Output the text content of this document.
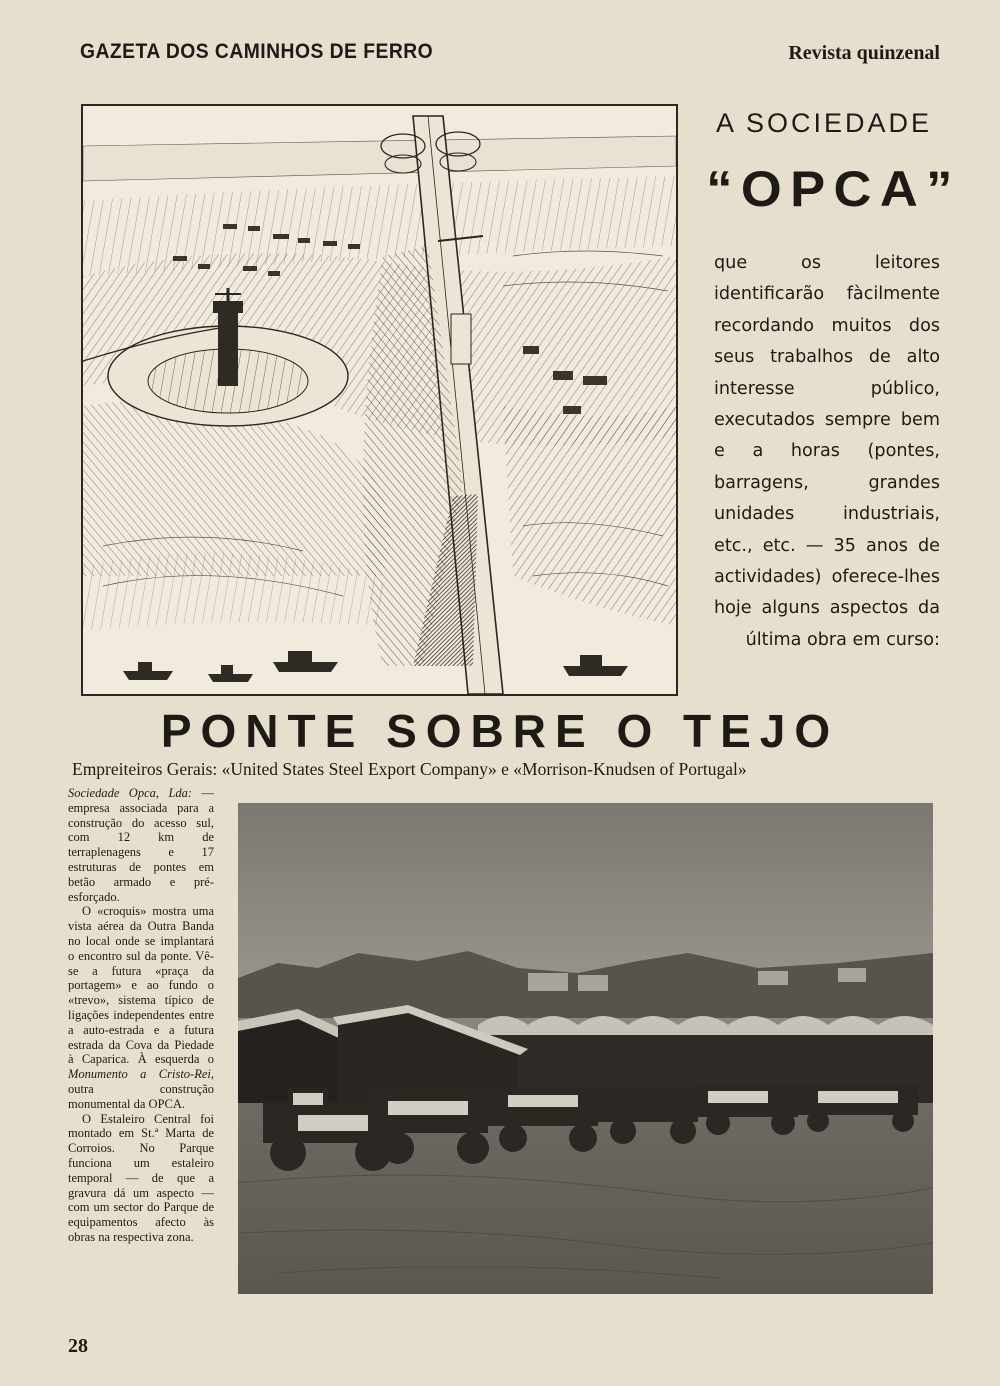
GAZETA DOS CAMINHOS DE FERRO	Revista quinzenal
A SOCIEDADE
“OPCA”
que os leitores identificarão fàcilmente recordando muitos dos seus trabalhos de alto interesse público, executados sempre bem e a horas (pontes, barragens, grandes unidades industriais, etc., etc. — 35 anos de actividades) oferece-lhes hoje alguns aspectos da última obra em curso:
PONTE SOBRE O TEJO
Empreiteiros Gerais: «United States Steel Export Company» e «Morrison-Knudsen of Portugal»

Sociedade Opca, Lda: — empresa associada para a construção do acesso sul, com 12 km de terraplenagens e 17 estruturas de pontes em betão armado e pré-esforçado.

O «croquis» mostra uma vista aérea da Outra Banda no local onde se implantará o encontro sul da ponte. Vê-se a futura «praça da portagem» e ao fundo o «trevo», sistema típico de ligações independentes entre a auto-estrada e a futura estrada da Cova da Piedade à Caparica. À esquerda o Monumento a Cristo-Rei, outra construção monumental da OPCA.

O Estaleiro Central foi montado em St.ª Marta de Corroios. No Parque funciona um estaleiro temporal — de que a gravura dá um aspecto — com um sector do Parque de equipamentos afecto às obras na respectiva zona.

28
